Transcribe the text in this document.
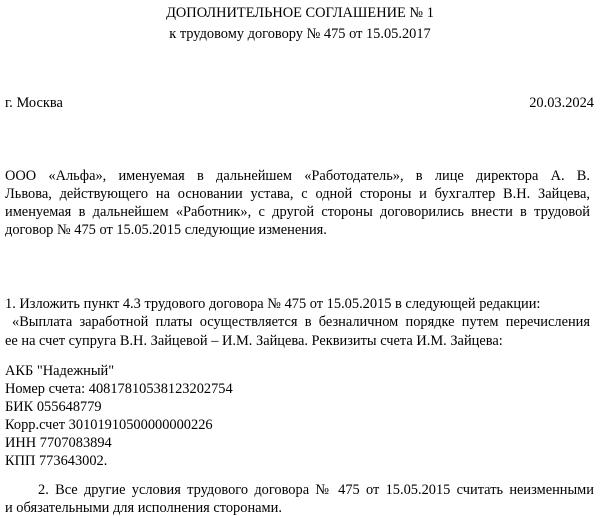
ДОПОЛНИТЕЛЬНОЕ СОГЛАШЕНИЕ № 1
к трудовому договору № 475 от 15.05.2017
г. Москва	20.03.2024
ООО «Альфа», именуемая в дальнейшем «Работодатель», в лице директора А. В.
Львова, действующего на основании устава, с одной стороны и бухгалтер В.Н. Зайцева,
именуемая в дальнейшем «Работник», с другой стороны договорились внести в трудовой
договор № 475 от 15.05.2015 следующие изменения.
1. Изложить пункт 4.3 трудового договора № 475 от 15.05.2015 в следующей редакции:
«Выплата заработной платы осуществляется в безналичном порядке путем перечисления
ее на счет супруга В.Н. Зайцевой – И.М. Зайцева. Реквизиты счета И.М. Зайцева:
АКБ "Надежный"
Номер счета: 40817810538123202754
БИК 055648779
Корр.счет 30101910500000000226
ИНН 7707083894
КПП 773643002.
2. Все другие условия трудового договора № 475 от 15.05.2015 считать неизменными
и обязательными для исполнения сторонами.
